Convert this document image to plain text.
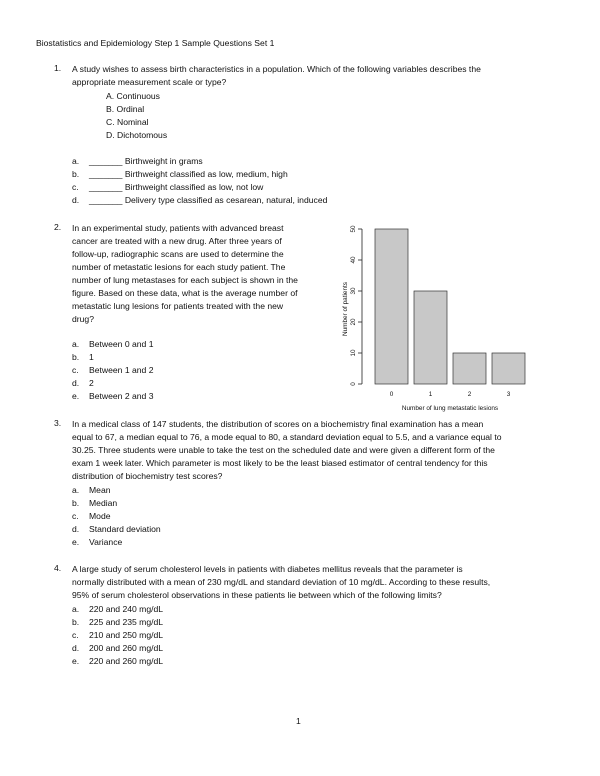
Biostatistics and Epidemiology Step 1 Sample Questions Set 1
1. A study wishes to assess birth characteristics in a population. Which of the following variables describes the
appropriate measurement scale or type?
A. Continuous
B. Ordinal
C. Nominal
D. Dichotomous
a. _______ Birthweight in grams
b. _______ Birthweight classified as low, medium, high
c. _______ Birthweight classified as low, not low
d. _______ Delivery type classified as cesarean, natural, induced
2. In an experimental study, patients with advanced breast
cancer are treated with a new drug. After three years of
follow-up, radiographic scans are used to determine the
number of metastatic lesions for each study patient. The
number of lung metastases for each subject is shown in the
figure. Based on these data, what is the average number of
metastatic lung lesions for patients treated with the new
drug?
a. Between 0 and 1
b. 1
c. Between 1 and 2
d. 2
e. Between 2 and 3
0
10
20
30
40
50
0	1	2	3
Number of patients
Number of lung metastatic lesions
3. In a medical class of 147 students, the distribution of scores on a biochemistry final examination has a mean
equal to 67, a median equal to 76, a mode equal to 80, a standard deviation equal to 5.5, and a variance equal to
30.25. Three students were unable to take the test on the scheduled date and were given a different form of the
exam 1 week later. Which parameter is most likely to be the least biased estimator of central tendency for this
distribution of biochemistry test scores?
a. Mean
b. Median
c. Mode
d. Standard deviation
e. Variance
4. A large study of serum cholesterol levels in patients with diabetes mellitus reveals that the parameter is
normally distributed with a mean of 230 mg/dL and standard deviation of 10 mg/dL. According to these results,
95% of serum cholesterol observations in these patients lie between which of the following limits?
a. 220 and 240 mg/dL
b. 225 and 235 mg/dL
c. 210 and 250 mg/dL
d. 200 and 260 mg/dL
e. 220 and 260 mg/dL
1
